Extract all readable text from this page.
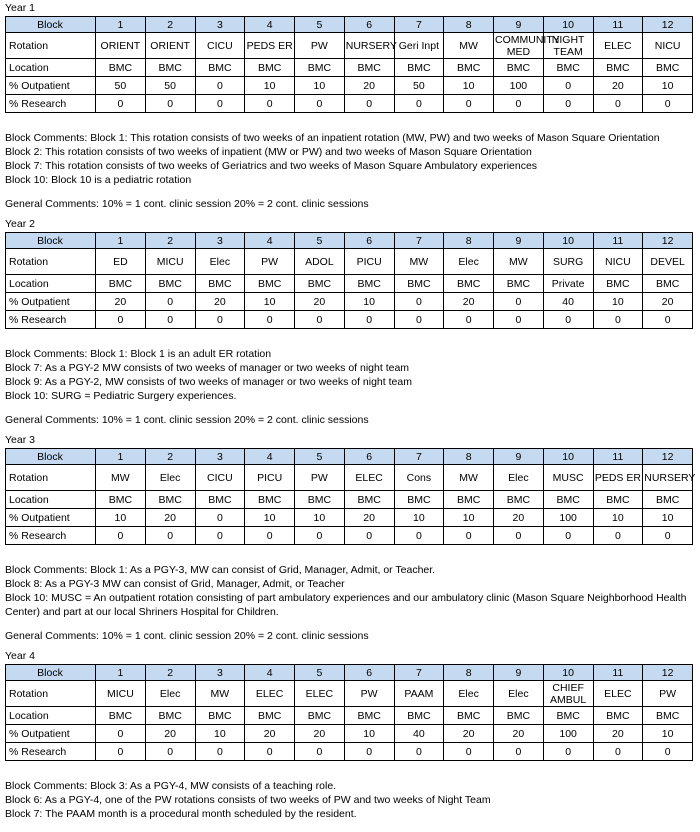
Year 1
Block	1	2	3	4	5	6	7	8	9	10	11	12
Rotation	ORIENT	ORIENT	CICU	PEDS ER	PW	NURSERY	Geri Inpt	MW	COMMUNITY MED	NIGHT TEAM	ELEC	NICU
Location	BMC	BMC	BMC	BMC	BMC	BMC	BMC	BMC	BMC	BMC	BMC	BMC
% Outpatient	50	50	0	10	10	20	50	10	100	0	20	10
% Research	0	0	0	0	0	0	0	0	0	0	0	0

Block Comments: Block 1: This rotation consists of two weeks of an inpatient rotation (MW, PW) and two weeks of Mason Square Orientation

Block 2: This rotation consists of two weeks of inpatient (MW or PW) and two weeks of Mason Square Orientation

Block 7: This rotation consists of two weeks of Geriatrics and two weeks of Mason Square Ambulatory experiences

Block 10: Block 10 is a pediatric rotation

General Comments: 10% = 1 cont. clinic session 20% = 2 cont. clinic sessions
Year 2
Block	1	2	3	4	5	6	7	8	9	10	11	12
Rotation	ED	MICU	Elec	PW	ADOL	PICU	MW	Elec	MW	SURG	NICU	DEVEL
Location	BMC	BMC	BMC	BMC	BMC	BMC	BMC	BMC	BMC	Private	BMC	BMC
% Outpatient	20	0	20	10	20	10	0	20	0	40	10	20
% Research	0	0	0	0	0	0	0	0	0	0	0	0

Block Comments: Block 1: Block 1 is an adult ER rotation

Block 7: As a PGY-2 MW consists of two weeks of manager or two weeks of night team

Block 9: As a PGY-2, MW consists of two weeks of manager or two weeks of night team

Block 10: SURG = Pediatric Surgery experiences.

General Comments: 10% = 1 cont. clinic session 20% = 2 cont. clinic sessions
Year 3
Block	1	2	3	4	5	6	7	8	9	10	11	12
Rotation	MW	Elec	CICU	PICU	PW	ELEC	Cons	MW	Elec	MUSC	PEDS ER	NURSERY
Location	BMC	BMC	BMC	BMC	BMC	BMC	BMC	BMC	BMC	BMC	BMC	BMC
% Outpatient	10	20	0	10	10	20	10	10	20	100	10	10
% Research	0	0	0	0	0	0	0	0	0	0	0	0

Block Comments: Block 1: As a PGY-3, MW can consist of Grid, Manager, Admit, or Teacher.

Block 8: As a PGY-3 MW can consist of Grid, Manager, Admit, or Teacher

Block 10: MUSC = An outpatient rotation consisting of part ambulatory experiences and our ambulatory clinic (Mason Square Neighborhood Health Center) and part at our local Shriners Hospital for Children.

General Comments: 10% = 1 cont. clinic session 20% = 2 cont. clinic sessions
Year 4
Block	1	2	3	4	5	6	7	8	9	10	11	12
Rotation	MICU	Elec	MW	ELEC	ELEC	PW	PAAM	Elec	Elec	CHIEF AMBUL	ELEC	PW
Location	BMC	BMC	BMC	BMC	BMC	BMC	BMC	BMC	BMC	BMC	BMC	BMC
% Outpatient	0	20	10	20	20	10	40	20	20	100	20	10
% Research	0	0	0	0	0	0	0	0	0	0	0	0

Block Comments: Block 3: As a PGY-4, MW consists of a teaching role.

Block 6: As a PGY-4, one of the PW rotations consists of two weeks of PW and two weeks of Night Team

Block 7: The PAAM month is a procedural month scheduled by the resident.
